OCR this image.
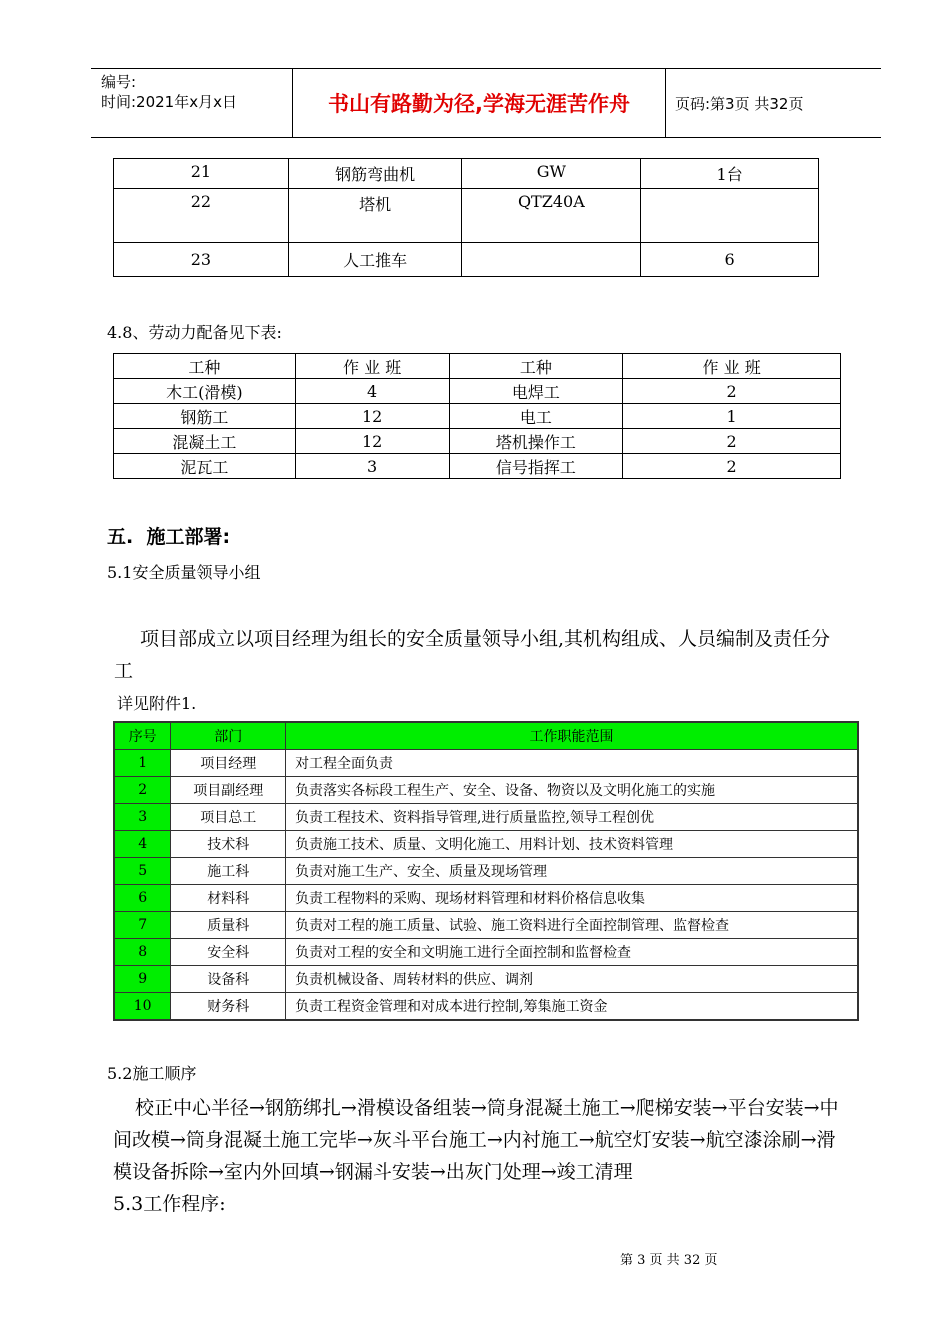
编号:
时间:2021年x月x日	书山有路勤为径,学海无涯苦作舟	页码:第3页 共32页
21	钢筋弯曲机	GW	1台
22	塔机	QTZ40A	
23	人工推车		6
4.8、劳动力配备见下表:
工种	作 业 班	工种	作 业 班
木工(滑模)	4	电焊工	2
钢筋工	12	电工	1
混凝土工	12	塔机操作工	2
泥瓦工	3	信号指挥工	2
五.  施工部署:
5.1安全质量领导小组
项目部成立以项目经理为组长的安全质量领导小组,其机构组成、人员编制及责任分
工
详见附件1.
序号	部门	工作职能范围
1	项目经理	对工程全面负责
2	项目副经理	负责落实各标段工程生产、安全、设备、物资以及文明化施工的实施
3	项目总工	负责工程技术、资料指导管理,进行质量监控,领导工程创优
4	技术科	负责施工技术、质量、文明化施工、用料计划、技术资料管理
5	施工科	负责对施工生产、安全、质量及现场管理
6	材料科	负责工程物料的采购、现场材料管理和材料价格信息收集
7	质量科	负责对工程的施工质量、试验、施工资料进行全面控制管理、监督检查
8	安全科	负责对工程的安全和文明施工进行全面控制和监督检查
9	设备科	负责机械设备、周转材料的供应、调剂
10	财务科	负责工程资金管理和对成本进行控制,筹集施工资金
5.2施工顺序
校正中心半径→钢筋绑扎→滑模设备组装→筒身混凝土施工→爬梯安装→平台安装→中
间改模→筒身混凝土施工完毕→灰斗平台施工→内衬施工→航空灯安装→航空漆涂刷→滑
模设备拆除→室内外回填→钢漏斗安装→出灰门处理→竣工清理
5.3工作程序:
第 3 页 共 32 页
